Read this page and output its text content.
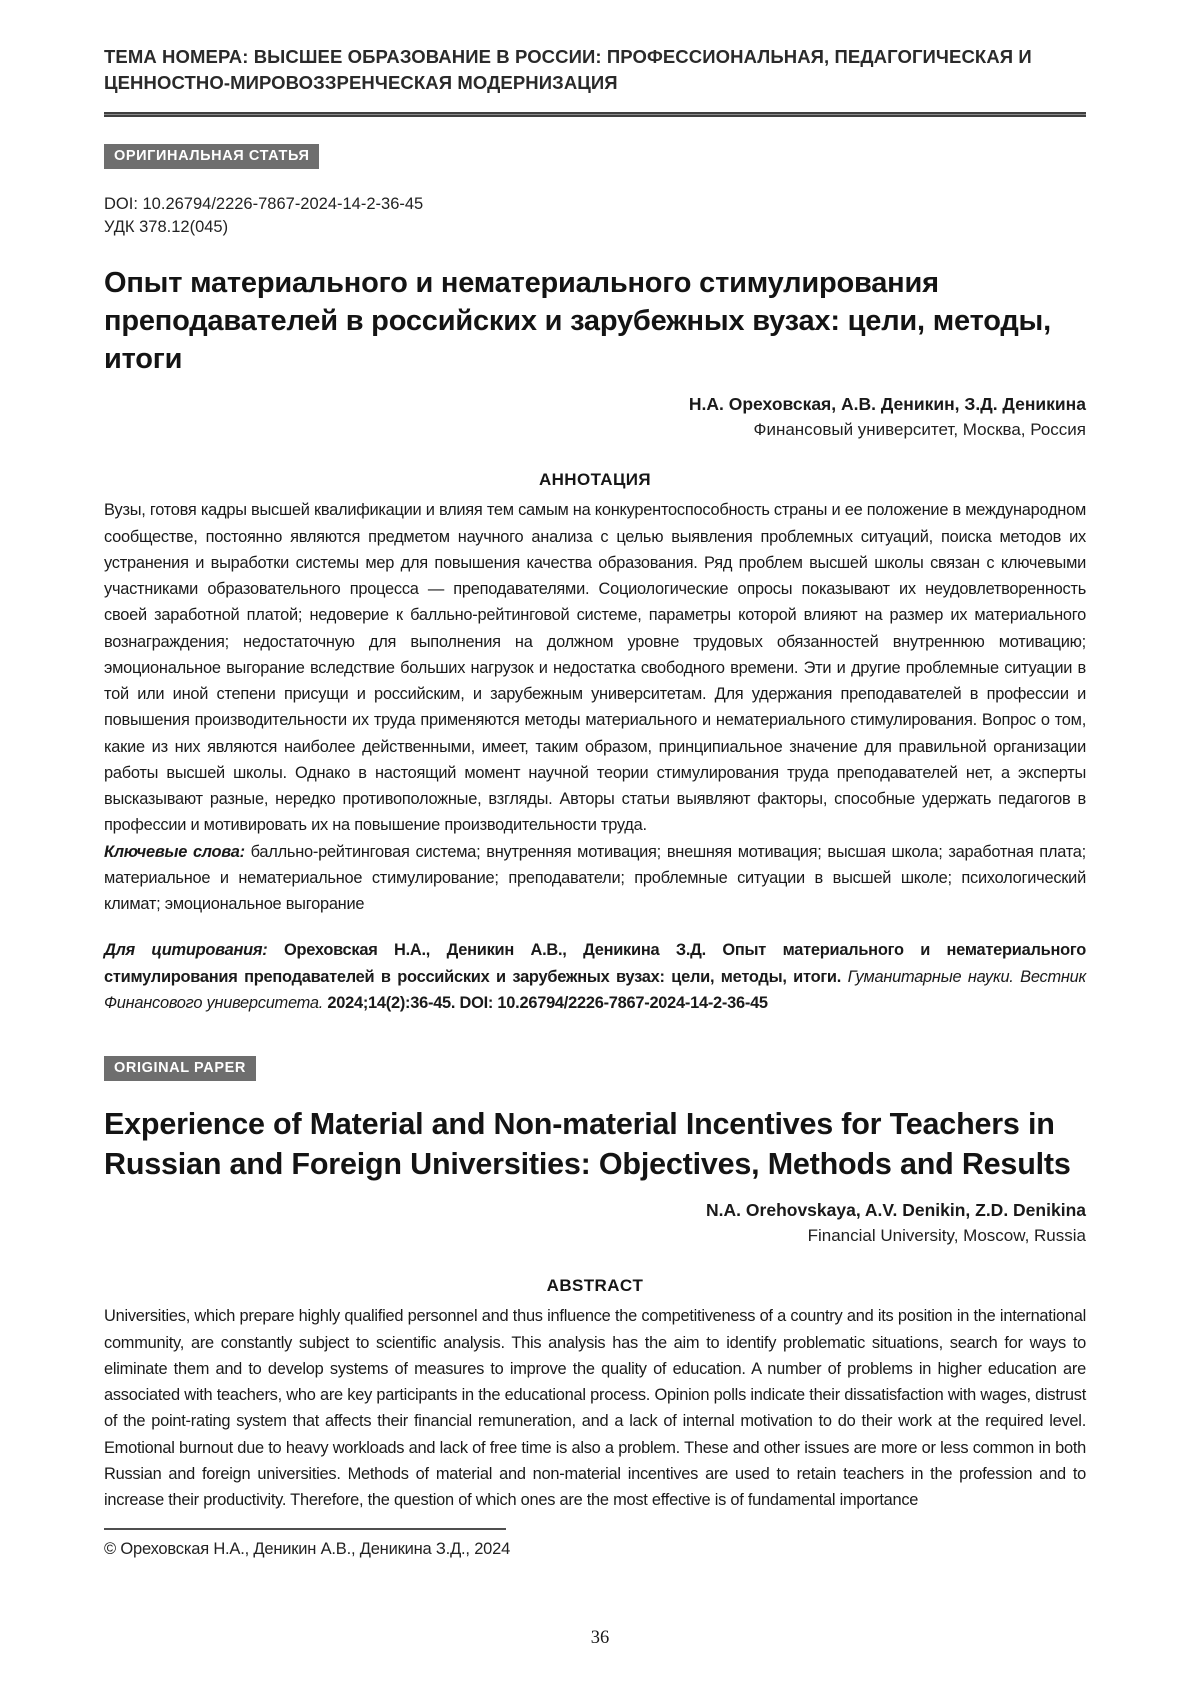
ТЕМА НОМЕРА: ВЫСШЕЕ ОБРАЗОВАНИЕ В РОССИИ: ПРОФЕССИОНАЛЬНАЯ, ПЕДАГОГИЧЕСКАЯ И ЦЕННОСТНО-МИРОВОЗЗРЕНЧЕСКАЯ МОДЕРНИЗАЦИЯ
ОРИГИНАЛЬНАЯ СТАТЬЯ
DOI: 10.26794/2226-7867-2024-14-2-36-45
УДК 378.12(045)
Опыт материального и нематериального стимулирования преподавателей в российских и зарубежных вузах: цели, методы, итоги
Н.А. Ореховская, А.В. Деникин, З.Д. Деникина
Финансовый университет, Москва, Россия
АННОТАЦИЯ
Вузы, готовя кадры высшей квалификации и влияя тем самым на конкурентоспособность страны и ее положение в международном сообществе, постоянно являются предметом научного анализа с целью выявления проблемных ситуаций, поиска методов их устранения и выработки системы мер для повышения качества образования. Ряд проблем высшей школы связан с ключевыми участниками образовательного процесса — преподавателями. Социологические опросы показывают их неудовлетворенность своей заработной платой; недоверие к балльно-рейтинговой системе, параметры которой влияют на размер их материального вознаграждения; недостаточную для выполнения на должном уровне трудовых обязанностей внутреннюю мотивацию; эмоциональное выгорание вследствие больших нагрузок и недостатка свободного времени. Эти и другие проблемные ситуации в той или иной степени присущи и российским, и зарубежным университетам. Для удержания преподавателей в профессии и повышения производительности их труда применяются методы материального и нематериального стимулирования. Вопрос о том, какие из них являются наиболее действенными, имеет, таким образом, принципиальное значение для правильной организации работы высшей школы. Однако в настоящий момент научной теории стимулирования труда преподавателей нет, а эксперты высказывают разные, нередко противоположные, взгляды. Авторы статьи выявляют факторы, способные удержать педагогов в профессии и мотивировать их на повышение производительности труда.
Ключевые слова: балльно-рейтинговая система; внутренняя мотивация; внешняя мотивация; высшая школа; заработная плата; материальное и нематериальное стимулирование; преподаватели; проблемные ситуации в высшей школе; психологический климат; эмоциональное выгорание
Для цитирования: Ореховская Н.А., Деникин А.В., Деникина З.Д. Опыт материального и нематериального стимулирования преподавателей в российских и зарубежных вузах: цели, методы, итоги. Гуманитарные науки. Вестник Финансового университета. 2024;14(2):36-45. DOI: 10.26794/2226-7867-2024-14-2-36-45
ORIGINAL PAPER
Experience of Material and Non-material Incentives for Teachers in Russian and Foreign Universities: Objectives, Methods and Results
N.A. Orehovskaya, A.V. Denikin, Z.D. Denikina
Financial University, Moscow, Russia
ABSTRACT
Universities, which prepare highly qualified personnel and thus influence the competitiveness of a country and its position in the international community, are constantly subject to scientific analysis. This analysis has the aim to identify problematic situations, search for ways to eliminate them and to develop systems of measures to improve the quality of education. A number of problems in higher education are associated with teachers, who are key participants in the educational process. Opinion polls indicate their dissatisfaction with wages, distrust of the point-rating system that affects their financial remuneration, and a lack of internal motivation to do their work at the required level. Emotional burnout due to heavy workloads and lack of free time is also a problem. These and other issues are more or less common in both Russian and foreign universities. Methods of material and non-material incentives are used to retain teachers in the profession and to increase their productivity. Therefore, the question of which ones are the most effective is of fundamental importance
© Ореховская Н.А., Деникин А.В., Деникина З.Д., 2024
36
